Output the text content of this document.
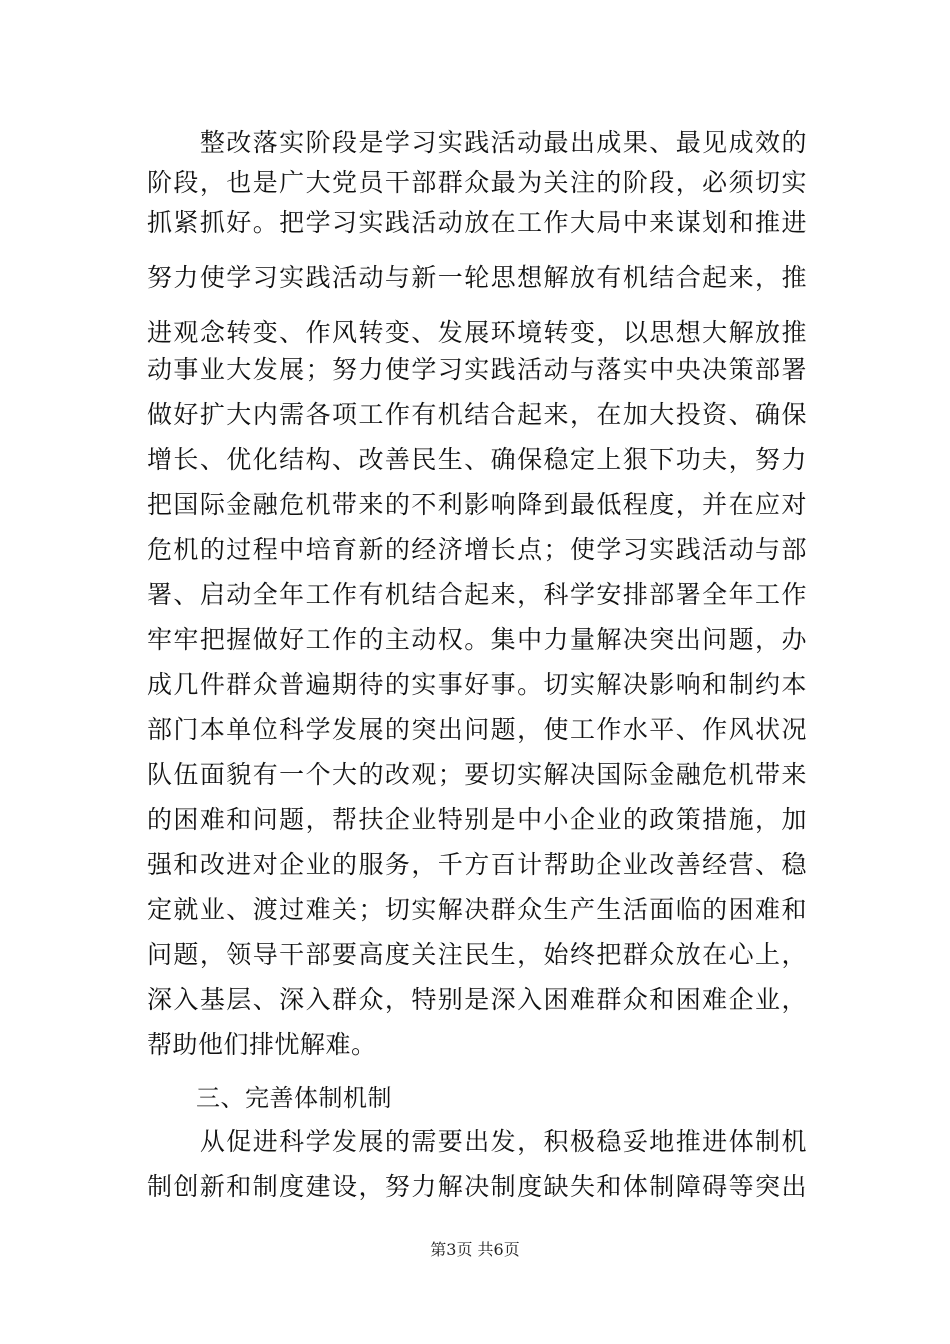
　　整改落实阶段是学习实践活动最出成果、最见成效的
阶段，也是广大党员干部群众最为关注的阶段，必须切实
抓紧抓好。把学习实践活动放在工作大局中来谋划和推进
努力使学习实践活动与新一轮思想解放有机结合起来，推
进观念转变、作风转变、发展环境转变，以思想大解放推
动事业大发展；努力使学习实践活动与落实中央决策部署
做好扩大内需各项工作有机结合起来，在加大投资、确保
增长、优化结构、改善民生、确保稳定上狠下功夫，努力
把国际金融危机带来的不利影响降到最低程度，并在应对
危机的过程中培育新的经济增长点；使学习实践活动与部
署、启动全年工作有机结合起来，科学安排部署全年工作
牢牢把握做好工作的主动权。集中力量解决突出问题，办
成几件群众普遍期待的实事好事。切实解决影响和制约本
部门本单位科学发展的突出问题，使工作水平、作风状况
队伍面貌有一个大的改观；要切实解决国际金融危机带来
的困难和问题，帮扶企业特别是中小企业的政策措施，加
强和改进对企业的服务，千方百计帮助企业改善经营、稳
定就业、渡过难关；切实解决群众生产生活面临的困难和
问题，领导干部要高度关注民生，始终把群众放在心上，
深入基层、深入群众，特别是深入困难群众和困难企业，
帮助他们排忧解难。
　　三、完善体制机制
　　从促进科学发展的需要出发，积极稳妥地推进体制机
制创新和制度建设，努力解决制度缺失和体制障碍等突出
第3页 共6页
